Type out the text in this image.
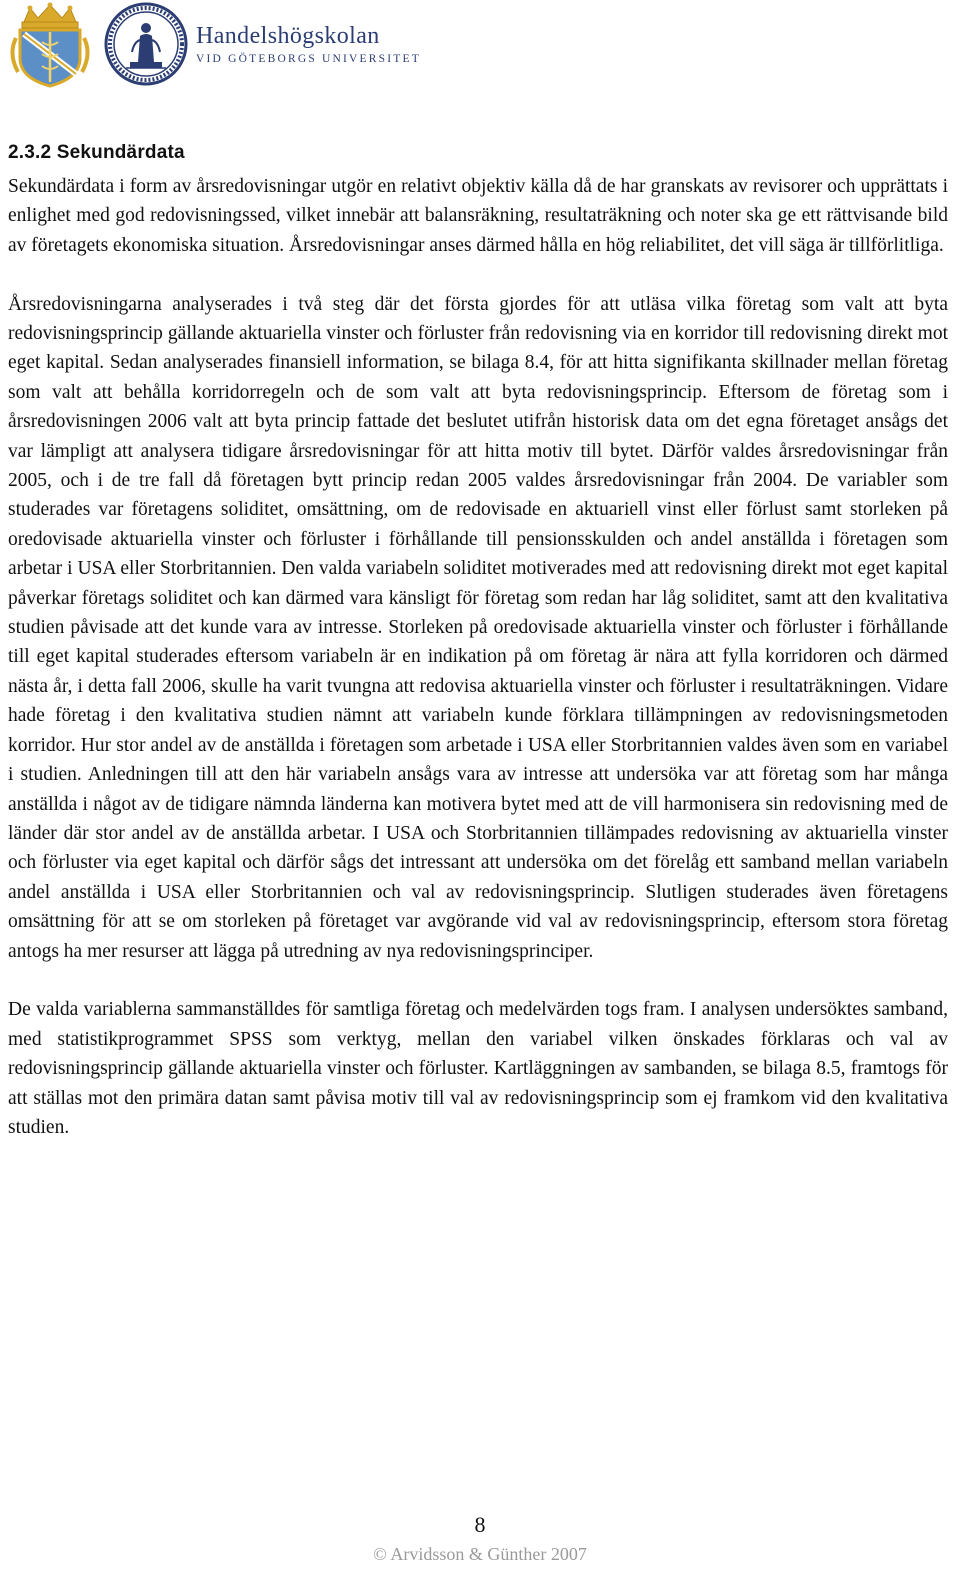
Handelshögskolan
VID GÖTEBORGS UNIVERSITET
2.3.2 Sekundärdata

Sekundärdata i form av årsredovisningar utgör en relativt objektiv källa då de har granskats av revisorer och upprättats i enlighet med god redovisningssed, vilket innebär att balansräkning, resultaträkning och noter ska ge ett rättvisande bild av företagets ekonomiska situation. Årsredovisningar anses därmed hålla en hög reliabilitet, det vill säga är tillförlitliga.

Årsredovisningarna analyserades i två steg där det första gjordes för att utläsa vilka företag som valt att byta redovisningsprincip gällande aktuariella vinster och förluster från redovisning via en korridor till redovisning direkt mot eget kapital. Sedan analyserades finansiell information, se bilaga 8.4, för att hitta signifikanta skillnader mellan företag som valt att behålla korridorregeln och de som valt att byta redovisningsprincip. Eftersom de företag som i årsredovisningen 2006 valt att byta princip fattade det beslutet utifrån historisk data om det egna företaget ansågs det var lämpligt att analysera tidigare årsredovisningar för att hitta motiv till bytet. Därför valdes årsredovisningar från 2005, och i de tre fall då företagen bytt princip redan 2005 valdes årsredovisningar från 2004. De variabler som studerades var företagens soliditet, omsättning, om de redovisade en aktuariell vinst eller förlust samt storleken på oredovisade aktuariella vinster och förluster i förhållande till pensionsskulden och andel anställda i företagen som arbetar i USA eller Storbritannien. Den valda variabeln soliditet motiverades med att redovisning direkt mot eget kapital påverkar företags soliditet och kan därmed vara känsligt för företag som redan har låg soliditet, samt att den kvalitativa studien påvisade att det kunde vara av intresse. Storleken på oredovisade aktuariella vinster och förluster i förhållande till eget kapital studerades eftersom variabeln är en indikation på om företag är nära att fylla korridoren och därmed nästa år, i detta fall 2006, skulle ha varit tvungna att redovisa aktuariella vinster och förluster i resultaträkningen. Vidare hade företag i den kvalitativa studien nämnt att variabeln kunde förklara tillämpningen av redovisningsmetoden korridor. Hur stor andel av de anställda i företagen som arbetade i USA eller Storbritannien valdes även som en variabel i studien. Anledningen till att den här variabeln ansågs vara av intresse att undersöka var att företag som har många anställda i något av de tidigare nämnda länderna kan motivera bytet med att de vill harmonisera sin redovisning med de länder där stor andel av de anställda arbetar. I USA och Storbritannien tillämpades redovisning av aktuariella vinster och förluster via eget kapital och därför sågs det intressant att undersöka om det förelåg ett samband mellan variabeln andel anställda i USA eller Storbritannien och val av redovisningsprincip. Slutligen studerades även företagens omsättning för att se om storleken på företaget var avgörande vid val av redovisningsprincip, eftersom stora företag antogs ha mer resurser att lägga på utredning av nya redovisningsprinciper.

De valda variablerna sammanställdes för samtliga företag och medelvärden togs fram. I analysen undersöktes samband, med statistikprogrammet SPSS som verktyg, mellan den variabel vilken önskades förklaras och val av redovisningsprincip gällande aktuariella vinster och förluster. Kartläggningen av sambanden, se bilaga 8.5, framtogs för att ställas mot den primära datan samt påvisa motiv till val av redovisningsprincip som ej framkom vid den kvalitativa studien.

8
© Arvidsson & Günther 2007
